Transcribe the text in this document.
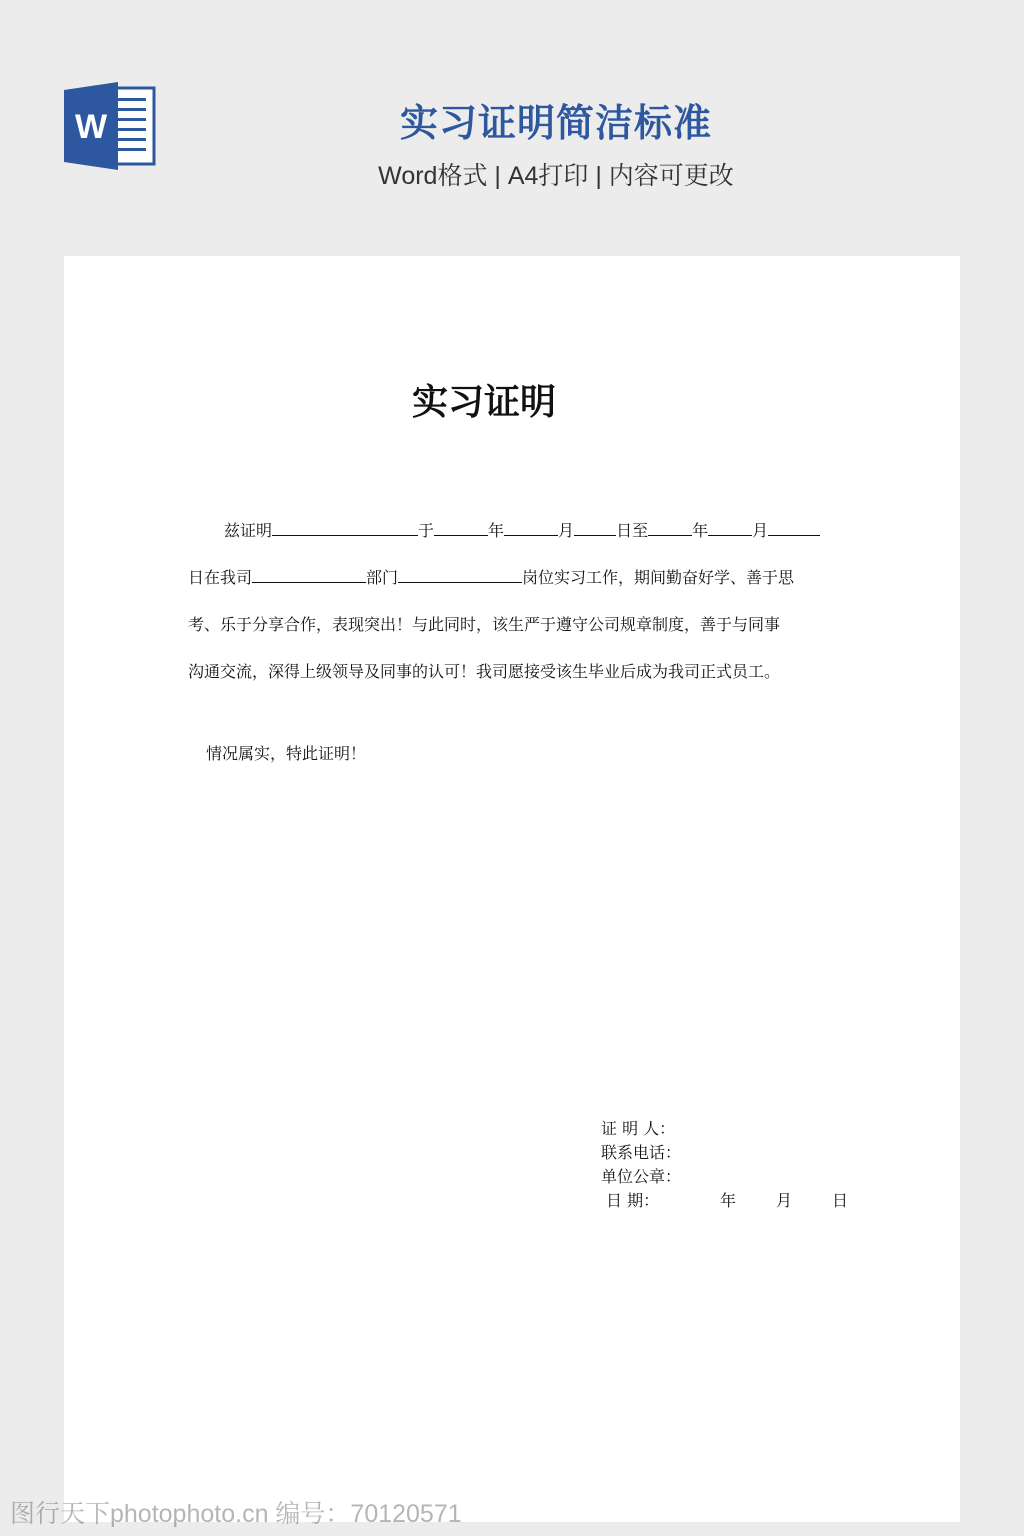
W	实习证明简洁标准
Word格式 | A4打印 | 内容可更改
实习证明
兹证明	于	年	月	日至	年	月
日在我司	部门	岗位实习工作，期间勤奋好学、善于思
考、乐于分享合作，表现突出！与此同时，该生严于遵守公司规章制度，善于与同事
沟通交流，深得上级领导及同事的认可！我司愿接受该生毕业后成为我司正式员工。
情况属实，特此证明！
证 明 人：
联系电话：
单位公章：
日 期：	年 月 日
图行天下photophoto.cn 编号：70120571
